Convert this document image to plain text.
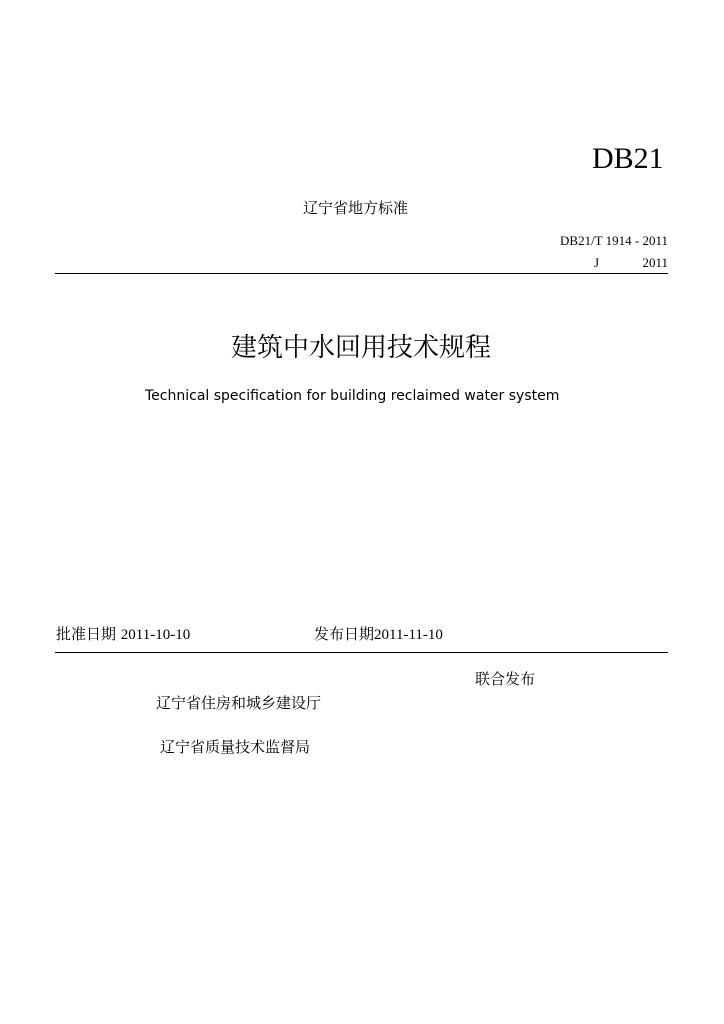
DB21
辽宁省地方标准
DB21/T 1914 - 2011
J	2011
建筑中水回用技术规程
Technical specification for building reclaimed water system
批准日期 2011-10-10	发布日期2011-11-10
联合发布
辽宁省住房和城乡建设厅
辽宁省质量技术监督局
